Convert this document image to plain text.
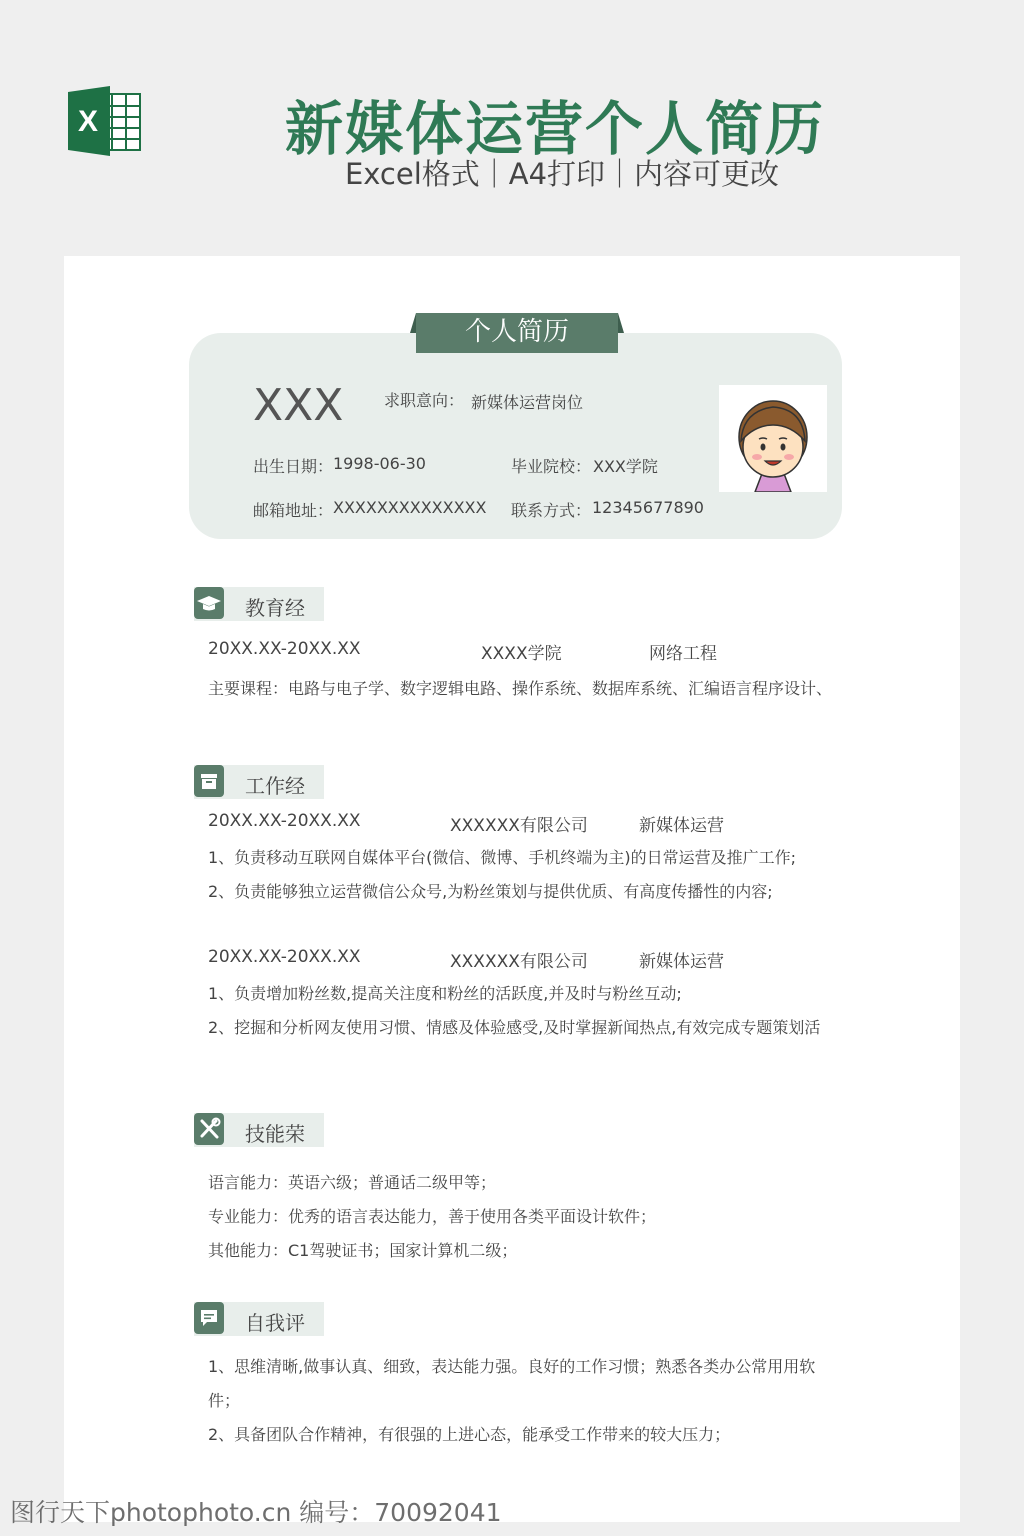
X	新媒体运营个人简历
Excel格式｜A4打印｜内容可更改
个人简历
XXX	求职意向： 新媒体运营岗位
出生日期： 1998-06-30	毕业院校： XXX学院
邮箱地址： XXXXXXXXXXXXXX 联系方式： 12345677890
教育经
20XX.XX-20XX.XX	XXXX学院	网络工程
主要课程：电路与电子学、数字逻辑电路、操作系统、数据库系统、汇编语言程序设计、
工作经
20XX.XX-20XX.XX	XXXXXX有限公司	新媒体运营
1、负责移动互联网自媒体平台(微信、微博、手机终端为主)的日常运营及推广工作;
2、负责能够独立运营微信公众号,为粉丝策划与提供优质、有高度传播性的内容;
20XX.XX-20XX.XX	XXXXXX有限公司	新媒体运营
1、负责增加粉丝数,提高关注度和粉丝的活跃度,并及时与粉丝互动;
2、挖掘和分析网友使用习惯、情感及体验感受,及时掌握新闻热点,有效完成专题策划活
技能荣
语言能力：英语六级；普通话二级甲等；
专业能力：优秀的语言表达能力，善于使用各类平面设计软件；
其他能力：C1驾驶证书；国家计算机二级；
自我评
1、思维清晰,做事认真、细致，表达能力强。良好的工作习惯；熟悉各类办公常用用软
件；
2、具备团队合作精神，有很强的上进心态，能承受工作带来的较大压力；
图行天下photophoto.cn 编号：70092041
